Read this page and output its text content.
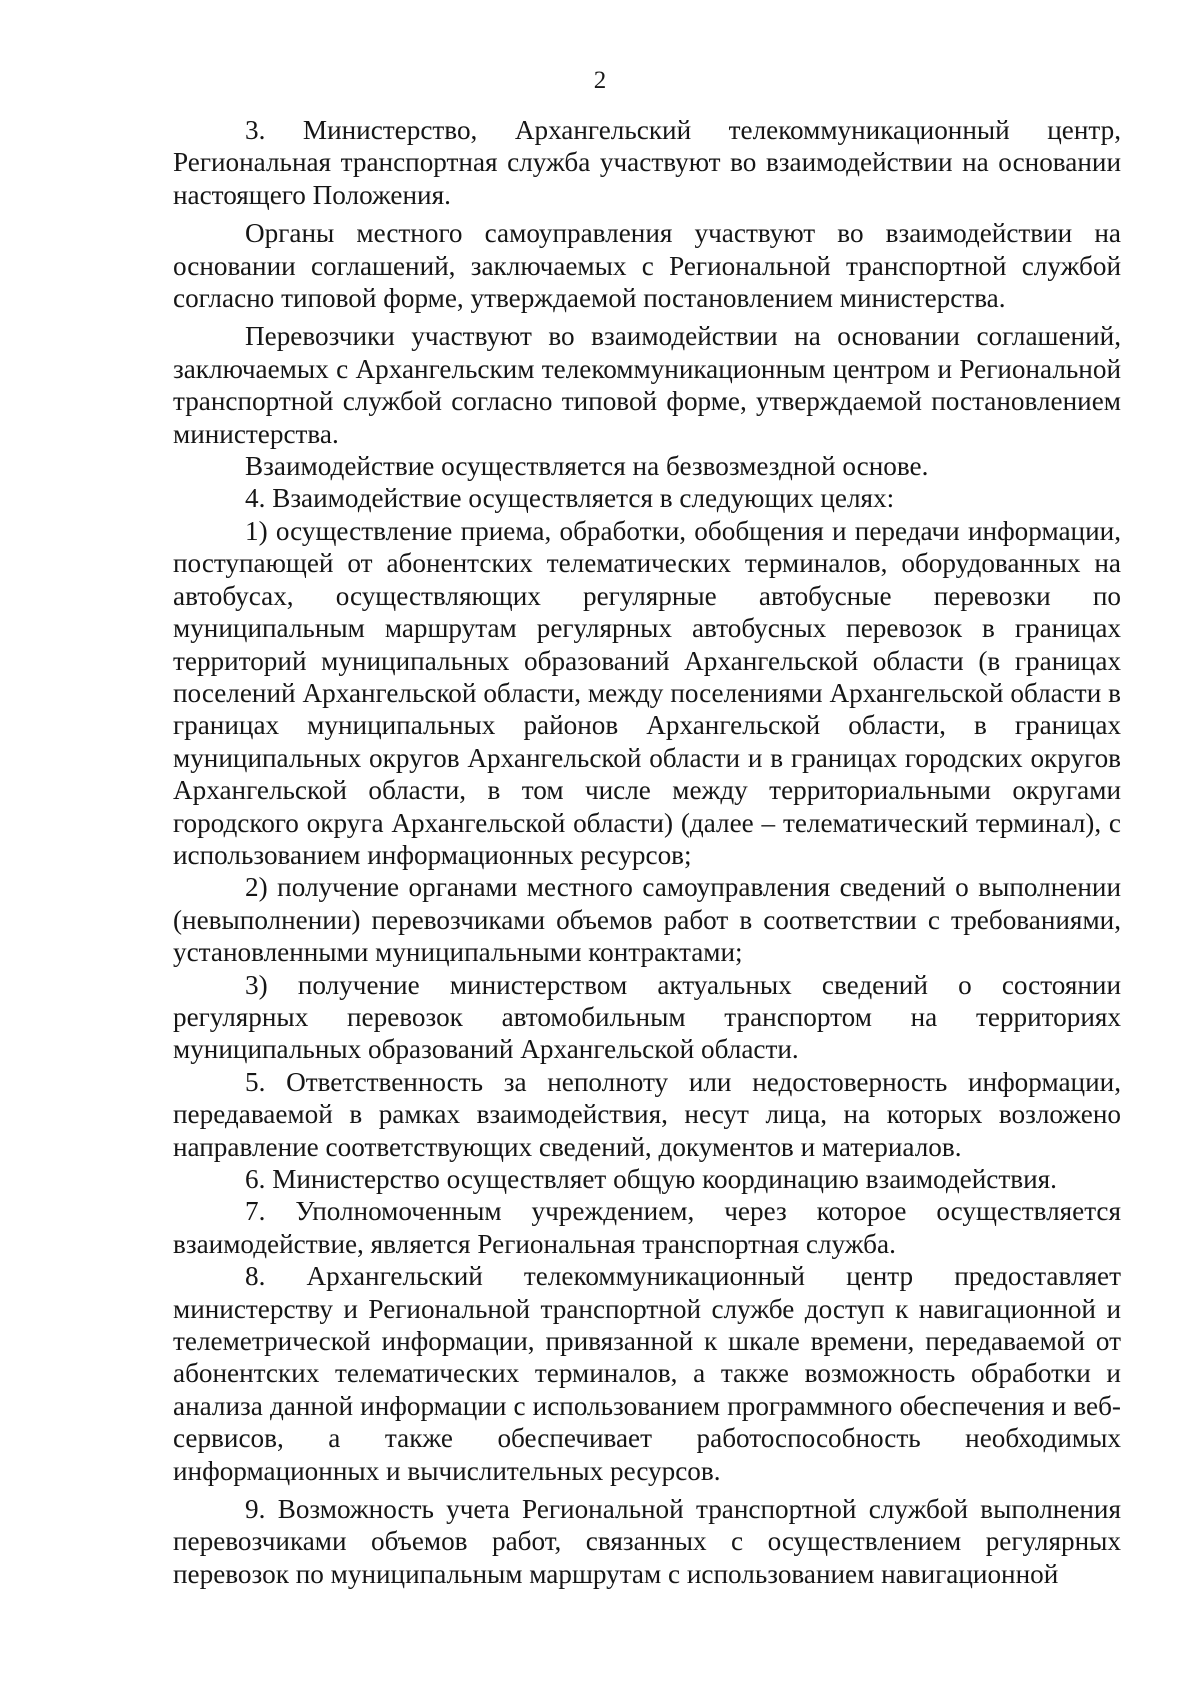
2

3. Министерство, Архангельский телекоммуникационный центр, Региональная транспортная служба участвуют во взаимодействии на основании настоящего Положения.

Органы местного самоуправления участвуют во взаимодействии на основании соглашений, заключаемых с Региональной транспортной службой согласно типовой форме, утверждаемой постановлением министерства.

Перевозчики участвуют во взаимодействии на основании соглашений, заключаемых с Архангельским телекоммуникационным центром и Региональной транспортной службой согласно типовой форме, утверждаемой постановлением министерства.

Взаимодействие осуществляется на безвозмездной основе.

4. Взаимодействие осуществляется в следующих целях:

1) осуществление приема, обработки, обобщения и передачи информации, поступающей от абонентских телематических терминалов, оборудованных на автобусах, осуществляющих регулярные автобусные перевозки по муниципальным маршрутам регулярных автобусных перевозок в границах территорий муниципальных образований Архангельской области (в границах поселений Архангельской области, между поселениями Архангельской области в границах муниципальных районов Архангельской области, в границах муниципальных округов Архангельской области и в границах городских округов Архангельской области, в том числе между территориальными округами городского округа Архангельской области) (далее – телематический терминал), с использованием информационных ресурсов;

2) получение органами местного самоуправления сведений о выполнении (невыполнении) перевозчиками объемов работ в соответствии с требованиями, установленными муниципальными контрактами;

3) получение министерством актуальных сведений о состоянии регулярных перевозок автомобильным транспортом на территориях муниципальных образований Архангельской области.

5. Ответственность за неполноту или недостоверность информации, передаваемой в рамках взаимодействия, несут лица, на которых возложено направление соответствующих сведений, документов и материалов.

6. Министерство осуществляет общую координацию взаимодействия.

7. Уполномоченным учреждением, через которое осуществляется взаимодействие, является Региональная транспортная служба.

8. Архангельский телекоммуникационный центр предоставляет министерству и Региональной транспортной службе доступ к навигационной и телеметрической информации, привязанной к шкале времени, передаваемой от абонентских телематических терминалов, а также возможность обработки и анализа данной информации с использованием программного обеспечения и веб-сервисов, а также обеспечивает работоспособность необходимых информационных и вычислительных ресурсов.

9. Возможность учета Региональной транспортной службой выполнения перевозчиками объемов работ, связанных с осуществлением регулярных перевозок по муниципальным маршрутам с использованием навигационной
